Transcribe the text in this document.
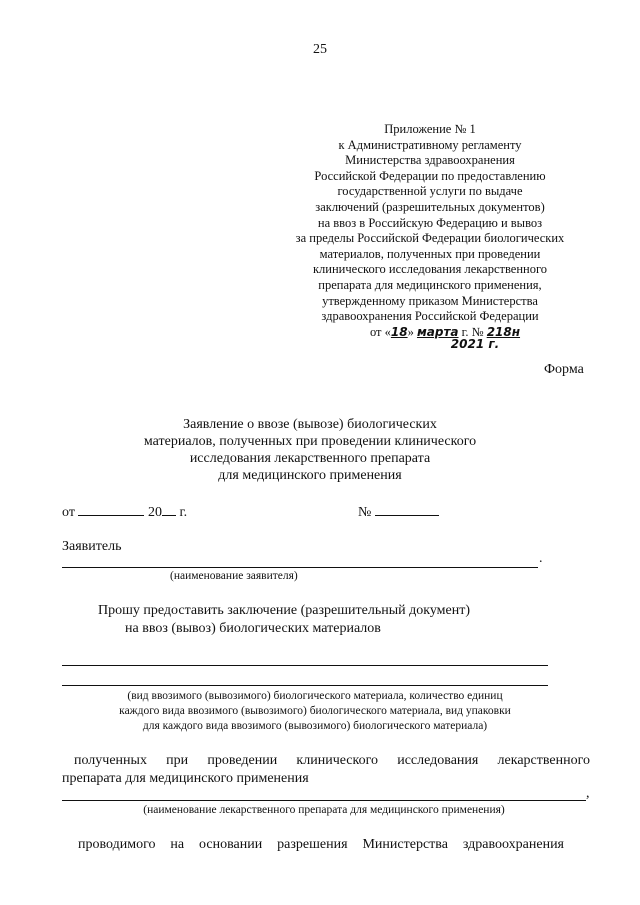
25
Приложение № 1
к Административному регламенту
Министерства здравоохранения
Российской Федерации по предоставлению
государственной услуги по выдаче
заключений (разрешительных документов)
на ввоз в Российскую Федерацию и вывоз
за пределы Российской Федерации биологических
материалов, полученных при проведении
клинического исследования лекарственного
препарата для медицинского применения,
утвержденному приказом Министерства
здравоохранения Российской Федерации
от «18» марта г. № 218н
2021 г.
Форма
Заявление о ввозе (вывозе) биологических
материалов, полученных при проведении клинического
исследования лекарственного препарата
для медицинского применения
от	20 г.	№
Заявитель
.
(наименование заявителя)
Прошу предоставить заключение (разрешительный документ)
на ввоз (вывоз) биологических материалов
(вид ввозимого (вывозимого) биологического материала, количество единиц
каждого вида ввозимого (вывозимого) биологического материала, вид упаковки
для каждого вида ввозимого (вывозимого) биологического материала)
полученных при проведении клинического исследования лекарственного
препарата для медицинского применения
,
(наименование лекарственного препарата для медицинского применения)
проводимого на основании разрешения Министерства здравоохранения
